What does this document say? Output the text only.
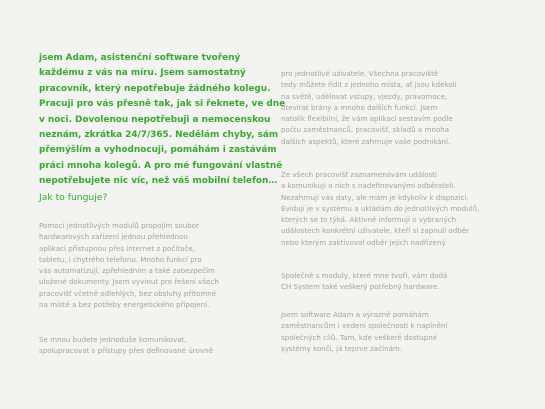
jsem Adam, asistenční software tvořený
každému z vás na míru. Jsem samostatný
pracovník, který nepotřebuje žádného kolegu.
Pracuji pro vás přesně tak, jak si řeknete, ve dne
v noci. Dovolenou nepotřebuji a nemocenskou
neznám, zkrátka 24/7/365. Nedělám chyby, sám
přemýšlím a vyhodnocuji, pomáhám i zastávám
práci mnoha kolegů. A pro mé fungování vlastně
nepotřebujete nic víc, než váš mobilní telefon…
Jak to funguje?
Pomocí jednotlivých modulů propojím soubor
hardwarových zařízení jednou přehlednou
aplikací přístupnou přes internet z počítače,
tabletu, i chytrého telefonu. Mnoho funkcí pro
vás automatizuji, zpřehledním a také zabezpečím
uložené dokumenty. Jsem vyvinut pro řešení všech
pracovišť včetně odlehlých, bez obsluhy přítomné
na místě a bez potřeby energetického připojení.
Se mnou budete jednoduše komunikovat,
spolupracovat s přístupy přes definované úrovně
pro jednotlivé uživatele. Všechna pracoviště
tedy můžete řídit z jednoho místa, ať jsou kdekoli
na světě, udělovat vstupy, vjezdy, pravomoce,
otevírat brány a mnoho dalších funkcí. Jsem
natolik flexibilní, že vám aplikaci sestavím podle
počtu zaměstnanců, pracovišť, skladů a mnoha
dalších aspektů, které zahrnuje vaše podnikání.
Ze všech pracovišť zaznamenávám události
a komunikuji o nich s nadefinovanými odběrateli.
Nezahrnuji vás daty, ale mám je kdykoliv k dispozici.
Evidují je v systému a ukládám do jednotlivých modulů,
kterých se to týká. Aktivně informuji o vybraných
událostech konkrétní uživatele, kteří si zapnuli odběr
nebo kterým zaktivoval odběr jejich nadřízený.
Společně s moduly, které mne tvoří, vám dodá
CH System také veškerý potřebný hardware.
Jsem software Adam a výrazně pomáhám
zaměstnancům i vedení společnosti k naplnění
společných cílů. Tam, kde veškeré dostupné
systémy končí, já teprve začínám.
